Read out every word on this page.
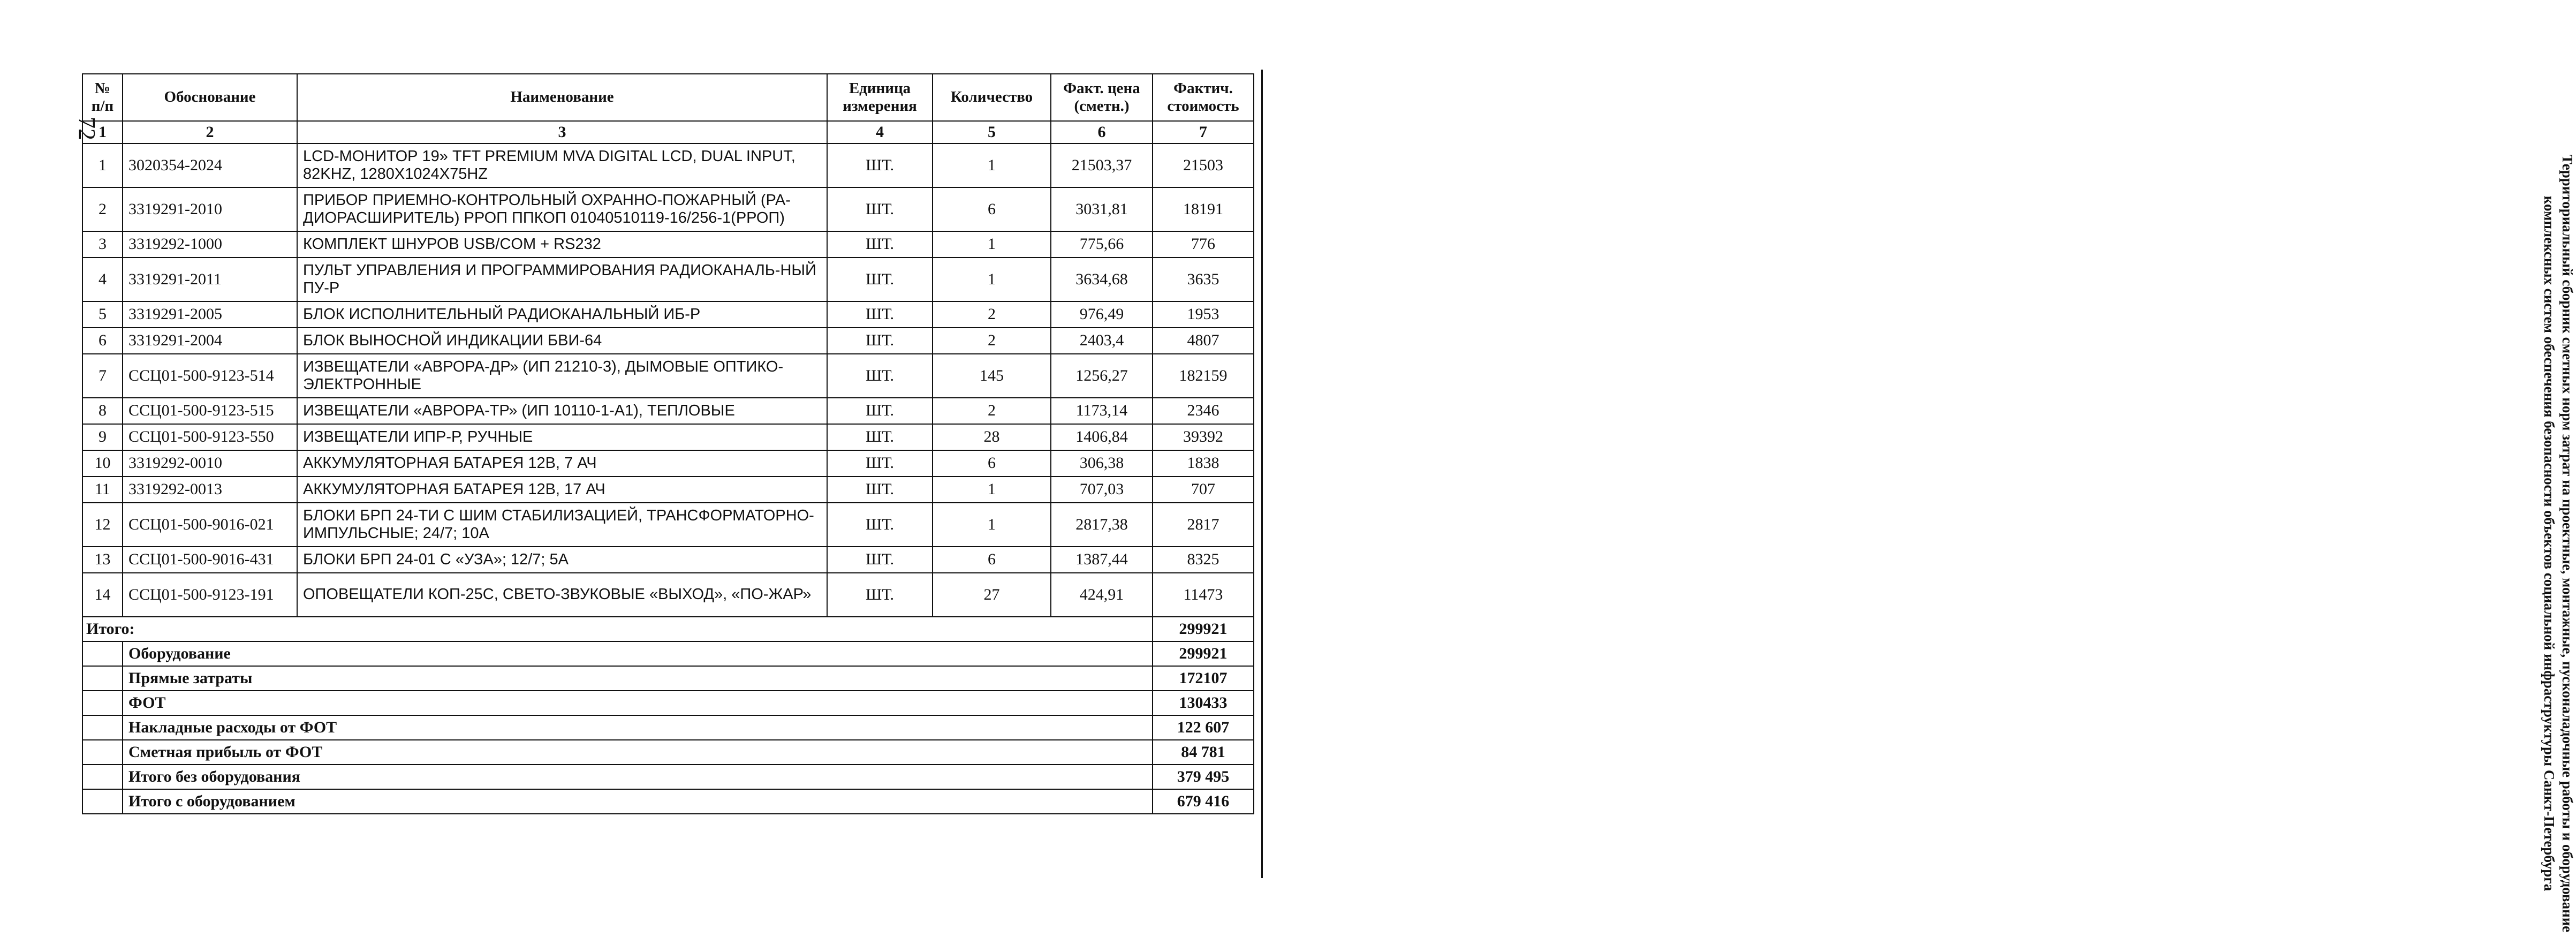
72
№ п/п	Обоснование	Наименование	Единица измерения	Количество	Факт. цена (сметн.)	Фактич. стоимость
1	2	3	4	5	6	7
1	3020354-2024	LCD-МОНИТОР 19» TFT PREMIUM MVA DIGITAL LCD, DUAL INPUT, 82KHZ, 1280X1024X75HZ	ШТ.	1	21503,37	21503
2	3319291-2010	ПРИБОР ПРИЕМНО-КОНТРОЛЬНЫЙ ОХРАННО-ПОЖАРНЫЙ (РА-ДИОРАСШИРИТЕЛЬ) РРОП ППКОП 01040510119-16/256-1(РРОП)	ШТ.	6	3031,81	18191
3	3319292-1000	КОМПЛЕКТ ШНУРОВ USB/COM + RS232	ШТ.	1	775,66	776
4	3319291-2011	ПУЛЬТ УПРАВЛЕНИЯ И ПРОГРАММИРОВАНИЯ РАДИОКАНАЛЬ-НЫЙ ПУ-Р	ШТ.	1	3634,68	3635
5	3319291-2005	БЛОК ИСПОЛНИТЕЛЬНЫЙ РАДИОКАНАЛЬНЫЙ ИБ-Р	ШТ.	2	976,49	1953
6	3319291-2004	БЛОК ВЫНОСНОЙ ИНДИКАЦИИ БВИ-64	ШТ.	2	2403,4	4807
7	ССЦ01-500-9123-514	ИЗВЕЩАТЕЛИ «АВРОРА-ДР» (ИП 21210-3), ДЫМОВЫЕ ОПТИКО-ЭЛЕКТРОННЫЕ	ШТ.	145	1256,27	182159
8	ССЦ01-500-9123-515	ИЗВЕЩАТЕЛИ «АВРОРА-ТР» (ИП 10110-1-А1), ТЕПЛОВЫЕ	ШТ.	2	1173,14	2346
9	ССЦ01-500-9123-550	ИЗВЕЩАТЕЛИ ИПР-Р, РУЧНЫЕ	ШТ.	28	1406,84	39392
10	3319292-0010	АККУМУЛЯТОРНАЯ БАТАРЕЯ 12В, 7 АЧ	ШТ.	6	306,38	1838
11	3319292-0013	АККУМУЛЯТОРНАЯ БАТАРЕЯ 12В, 17 АЧ	ШТ.	1	707,03	707
12	ССЦ01-500-9016-021	БЛОКИ БРП 24-ТИ С ШИМ СТАБИЛИЗАЦИЕЙ, ТРАНСФОРМАТОРНО-ИМПУЛЬСНЫЕ; 24/7; 10А	ШТ.	1	2817,38	2817
13	ССЦ01-500-9016-431	БЛОКИ БРП 24-01 С «УЗА»; 12/7; 5А	ШТ.	6	1387,44	8325
14	ССЦ01-500-9123-191	ОПОВЕЩАТЕЛИ КОП-25С, СВЕТО-ЗВУКОВЫЕ «ВЫХОД», «ПО-ЖАР»	ШТ.	27	424,91	11473
Итого:						299921
	Оборудование					299921
	Прямые затраты					172107
	ФОТ					130433
	Накладные расходы от ФОТ					122 607
	Сметная прибыль от ФОТ					84 781
	Итого без оборудования					379 495
	Итого с оборудованием					679 416	Территориальный сборник сметных норм затрат на проектные, монтажные, пусконаладочные работы и оборудование
комплексных систем обеспечения безопасности объектов социальной инфраструктуры Санкт-Петербурга
